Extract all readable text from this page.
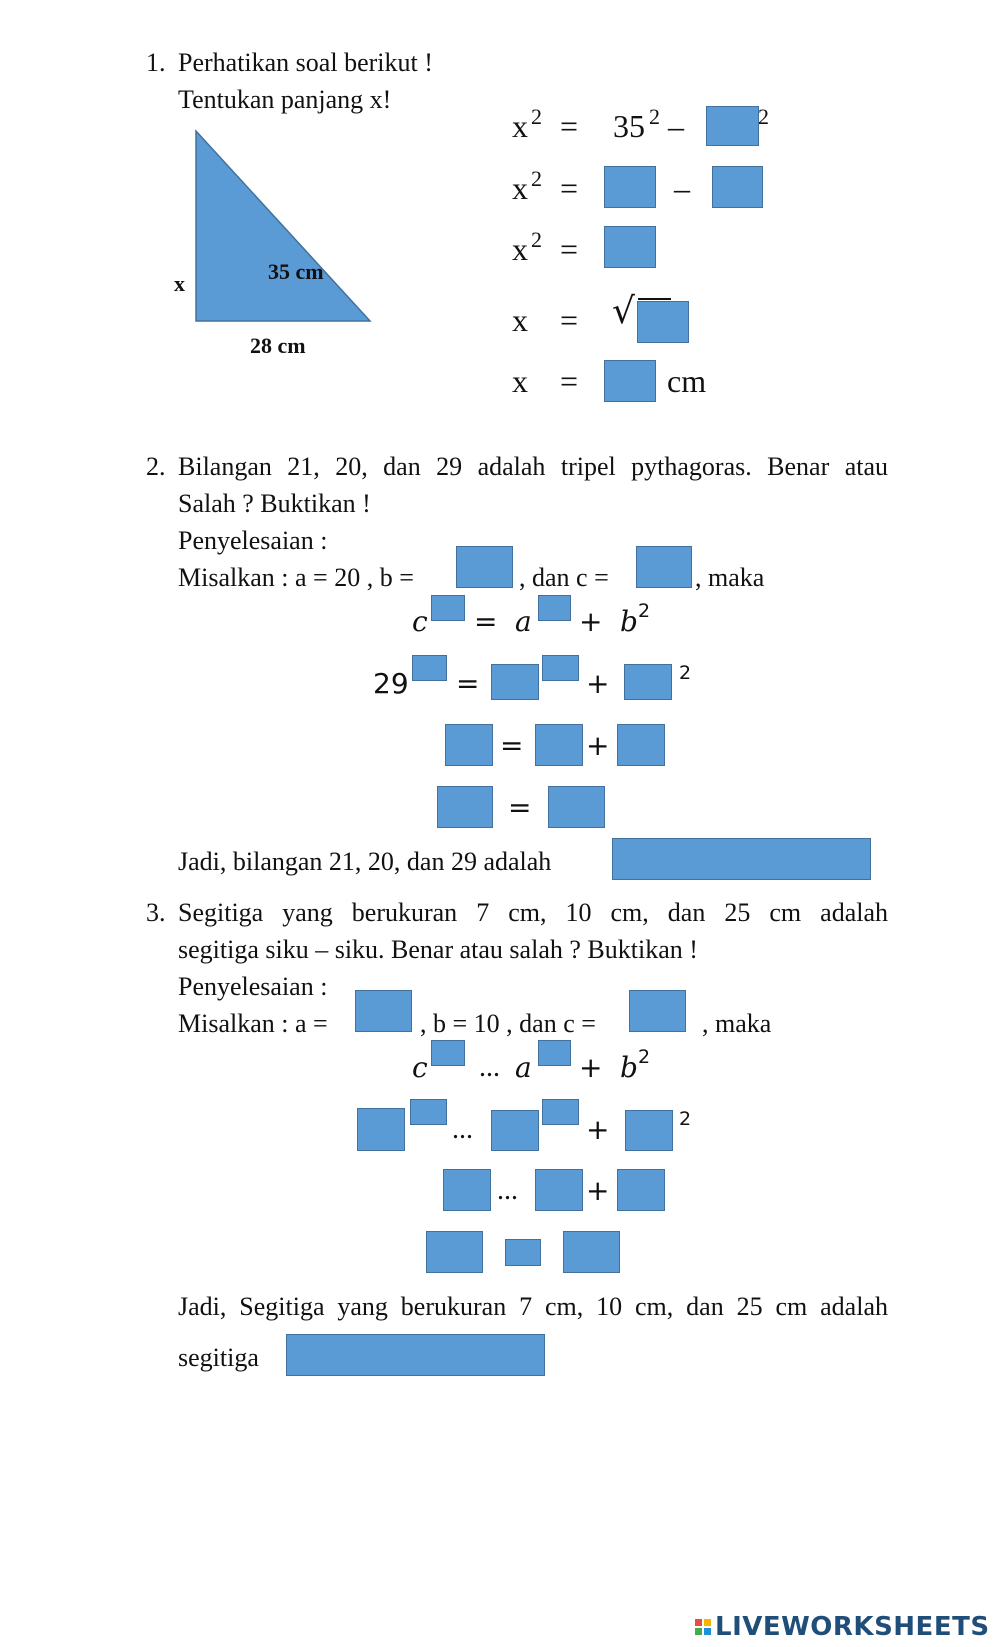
1. Perhatikan soal berikut !
Tentukan panjang x!
x	35 cm
28 cm
x 2 = 35 2 –	2
x 2 =	–
x 2 =
x = √
x =	cm
2. Bilangan 21, 20, dan 29 adalah tripel pythagoras. Benar atau
Salah ? Buktikan !
Penyelesaian :
Misalkan : a = 20 , b =	, dan c =	, maka
c = a + b 2
29 =	+	2
= +
=
Jadi, bilangan 21, 20, dan 29 adalah
3. Segitiga yang berukuran 7 cm, 10 cm, dan 25 cm adalah
segitiga siku – siku. Benar atau salah ? Buktikan !
Penyelesaian :
Misalkan : a =	, b = 10 , dan c =	, maka
c ... a + b 2
...	+	2
... +
Jadi, Segitiga yang berukuran 7 cm, 10 cm, dan 25 cm adalah
segitiga
LIVEWORKSHEETS
